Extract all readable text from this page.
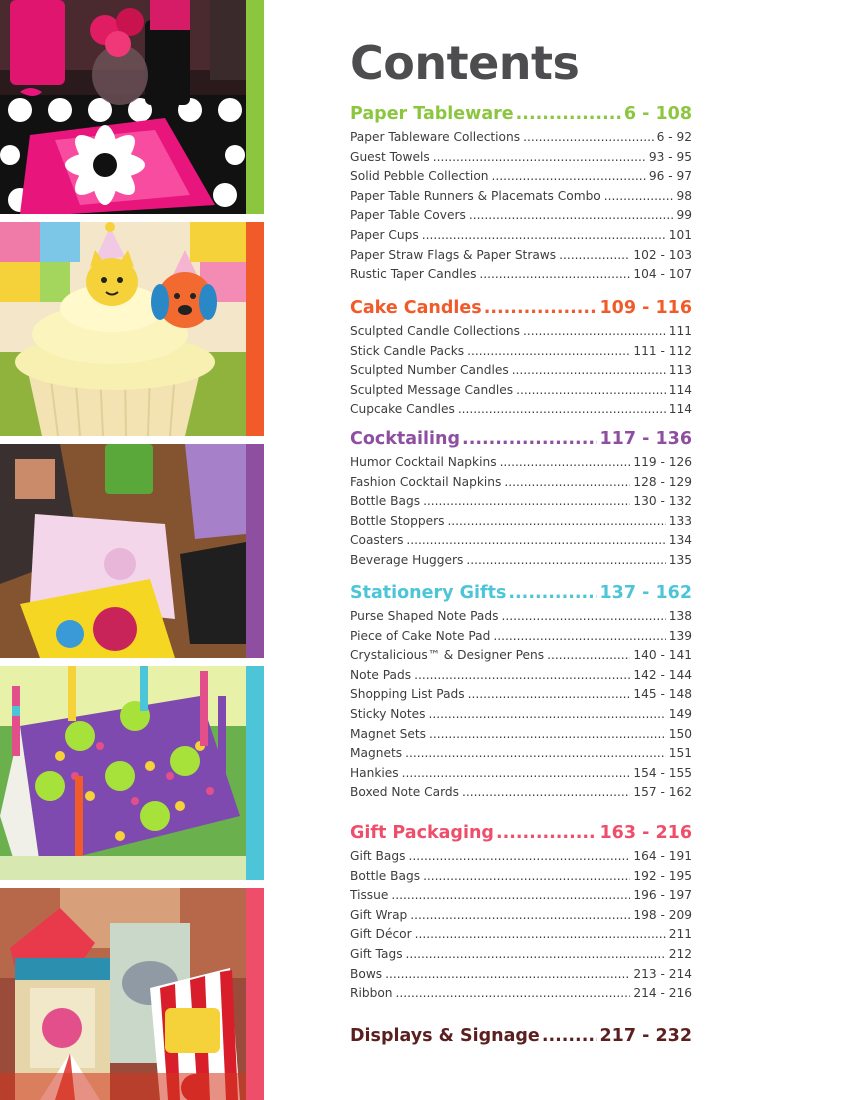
Contents
Paper Tableware .....	6 - 108
Paper Tableware Collections .....	6 - 92
Guest Towels .....	93 - 95
Solid Pebble Collection .....	96 - 97
Paper Table Runners & Placemats Combo .....	98
Paper Table Covers .....	99
Paper Cups .....	101
Paper Straw Flags & Paper Straws .....	102 - 103
Rustic Taper Candles .....	104 - 107
Cake Candles .....	109 - 116
Sculpted Candle Collections .....	111
Stick Candle Packs .....	111 - 112
Sculpted Number Candles .....	113
Sculpted Message Candles .....	114
Cupcake Candles .....	114
Cocktailing .....	117 - 136
Humor Cocktail Napkins .....	119 - 126
Fashion Cocktail Napkins .....	128 - 129
Bottle Bags .....	130 - 132
Bottle Stoppers .....	133
Coasters .....	134
Beverage Huggers .....	135
Stationery Gifts .....	137 - 162
Purse Shaped Note Pads .....	138
Piece of Cake Note Pad .....	139
Crystalicious™ & Designer Pens .....	140 - 141
Note Pads .....	142 - 144
Shopping List Pads .....	145 - 148
Sticky Notes .....	149
Magnet Sets .....	150
Magnets .....	151
Hankies .....	154 - 155
Boxed Note Cards .....	157 - 162
Gift Packaging .....	163 - 216
Gift Bags .....	164 - 191
Bottle Bags .....	192 - 195
Tissue .....	196 - 197
Gift Wrap .....	198 - 209
Gift Décor .....	211
Gift Tags .....	212
Bows .....	213 - 214
Ribbon .....	214 - 216
Displays & Signage .....	217 - 232
